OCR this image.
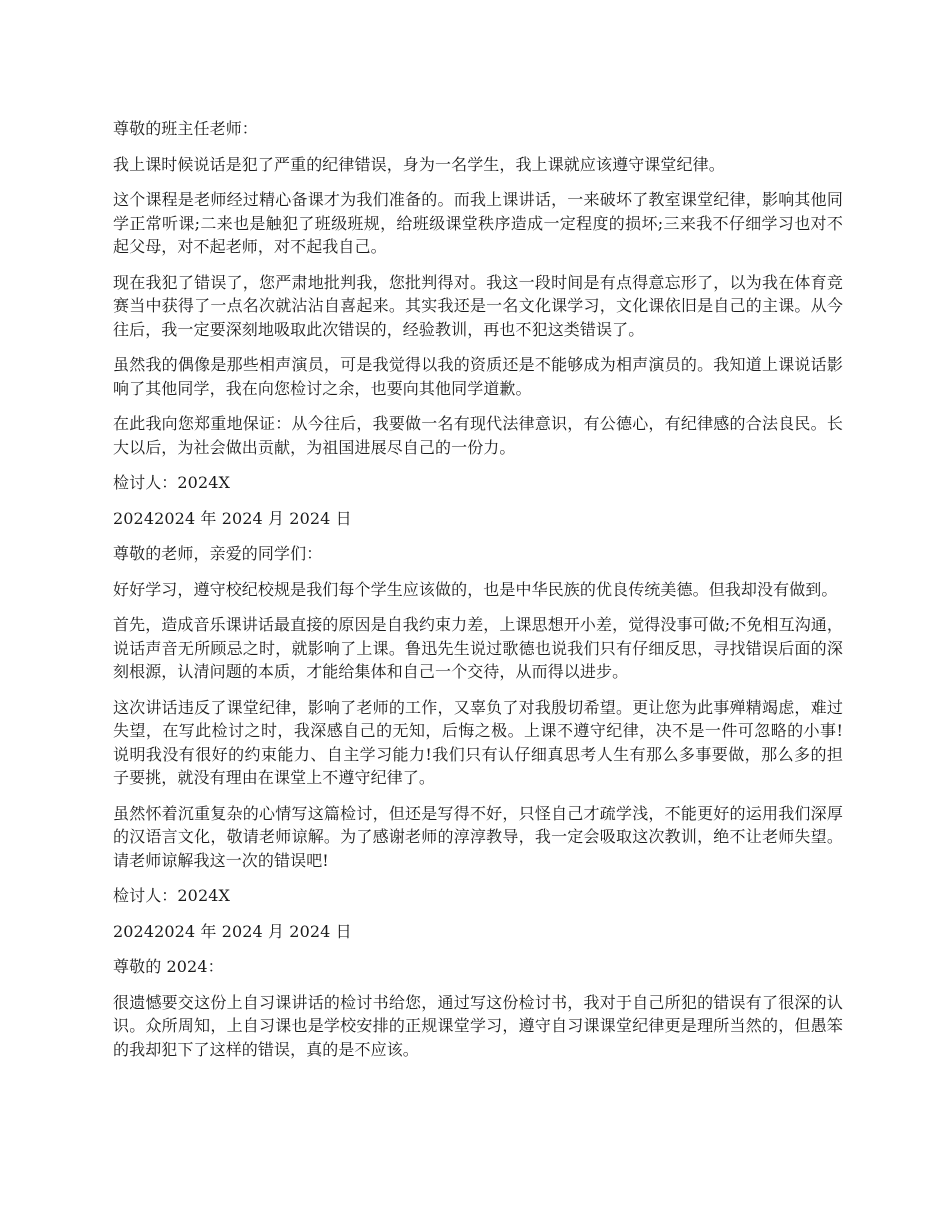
尊敬的班主任老师：

我上课时候说话是犯了严重的纪律错误，身为一名学生，我上课就应该遵守课堂纪律。

这个课程是老师经过精心备课才为我们准备的。而我上课讲话，一来破坏了教室课堂纪律，影响其他同学正常听课;二来也是触犯了班级班规，给班级课堂秩序造成一定程度的损坏;三来我不仔细学习也对不起父母，对不起老师，对不起我自己。

现在我犯了错误了，您严肃地批判我，您批判得对。我这一段时间是有点得意忘形了，以为我在体育竞赛当中获得了一点名次就沾沾自喜起来。其实我还是一名文化课学习，文化课依旧是自己的主课。从今往后，我一定要深刻地吸取此次错误的，经验教训，再也不犯这类错误了。

虽然我的偶像是那些相声演员，可是我觉得以我的资质还是不能够成为相声演员的。我知道上课说话影响了其他同学，我在向您检讨之余，也要向其他同学道歉。

在此我向您郑重地保证：从今往后，我要做一名有现代法律意识，有公德心，有纪律感的合法良民。长大以后，为社会做出贡献，为祖国进展尽自己的一份力。

检讨人：2024X

20242024 年 2024 月 2024 日

尊敬的老师，亲爱的同学们：

好好学习，遵守校纪校规是我们每个学生应该做的，也是中华民族的优良传统美德。但我却没有做到。

首先，造成音乐课讲话最直接的原因是自我约束力差，上课思想开小差，觉得没事可做;不免相互沟通，说话声音无所顾忌之时，就影响了上课。鲁迅先生说过歌德也说我们只有仔细反思，寻找错误后面的深刻根源，认清问题的本质，才能给集体和自己一个交待，从而得以进步。

这次讲话违反了课堂纪律，影响了老师的工作，又辜负了对我殷切希望。更让您为此事殚精竭虑，难过失望，在写此检讨之时，我深感自己的无知，后悔之极。上课不遵守纪律，决不是一件可忽略的小事!说明我没有很好的约束能力、自主学习能力!我们只有认仔细真思考人生有那么多事要做，那么多的担子要挑，就没有理由在课堂上不遵守纪律了。

虽然怀着沉重复杂的心情写这篇检讨，但还是写得不好，只怪自己才疏学浅，不能更好的运用我们深厚的汉语言文化，敬请老师谅解。为了感谢老师的淳淳教导，我一定会吸取这次教训，绝不让老师失望。请老师谅解我这一次的错误吧!

检讨人：2024X

20242024 年 2024 月 2024 日

尊敬的 2024：

很遗憾要交这份上自习课讲话的检讨书给您，通过写这份检讨书，我对于自己所犯的错误有了很深的认识。众所周知，上自习课也是学校安排的正规课堂学习，遵守自习课课堂纪律更是理所当然的，但愚笨的我却犯下了这样的错误，真的是不应该。
